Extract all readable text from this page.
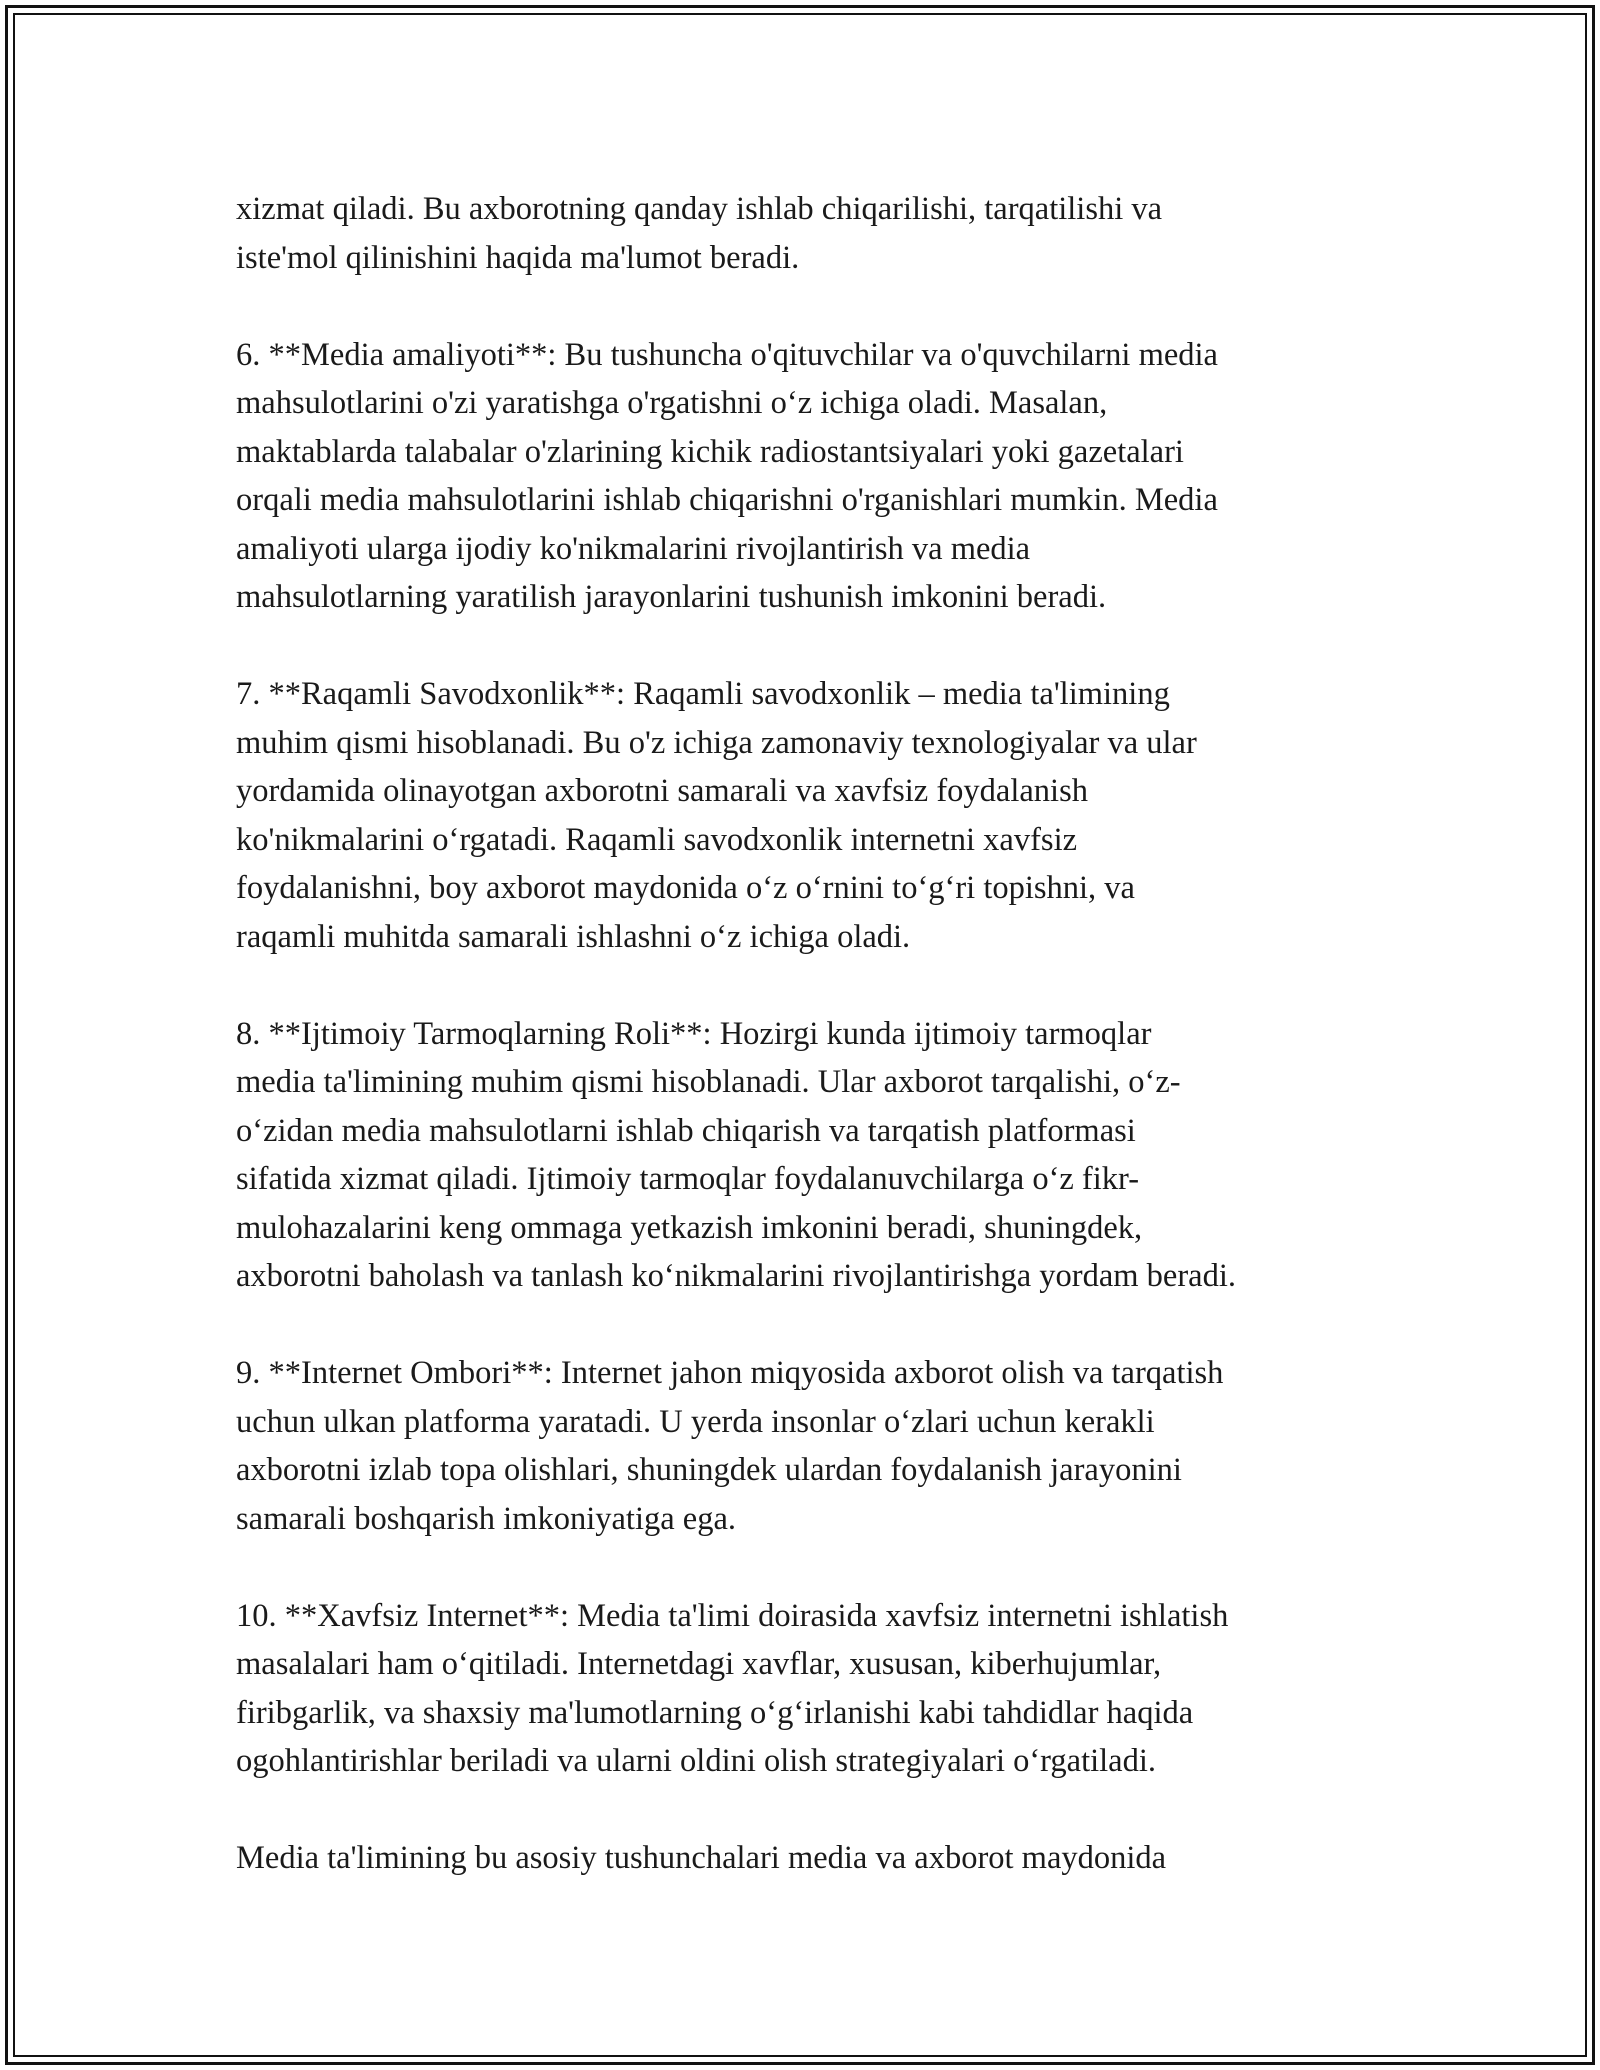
xizmat qiladi. Bu axborotning qanday ishlab chiqarilishi, tarqatilishi va
iste'mol qilinishini haqida ma'lumot beradi.
6. **Media amaliyoti**: Bu tushuncha o'qituvchilar va o'quvchilarni media
mahsulotlarini o'zi yaratishga o'rgatishni o‘z ichiga oladi. Masalan,
maktablarda talabalar o'zlarining kichik radiostantsiyalari yoki gazetalari
orqali media mahsulotlarini ishlab chiqarishni o'rganishlari mumkin. Media
amaliyoti ularga ijodiy ko'nikmalarini rivojlantirish va media
mahsulotlarning yaratilish jarayonlarini tushunish imkonini beradi.
7. **Raqamli Savodxonlik**: Raqamli savodxonlik – media ta'limining
muhim qismi hisoblanadi. Bu o'z ichiga zamonaviy texnologiyalar va ular
yordamida olinayotgan axborotni samarali va xavfsiz foydalanish
ko'nikmalarini o‘rgatadi. Raqamli savodxonlik internetni xavfsiz
foydalanishni, boy axborot maydonida o‘z o‘rnini to‘g‘ri topishni, va
raqamli muhitda samarali ishlashni o‘z ichiga oladi.
8. **Ijtimoiy Tarmoqlarning Roli**: Hozirgi kunda ijtimoiy tarmoqlar
media ta'limining muhim qismi hisoblanadi. Ular axborot tarqalishi, o‘z-
o‘zidan media mahsulotlarni ishlab chiqarish va tarqatish platformasi
sifatida xizmat qiladi. Ijtimoiy tarmoqlar foydalanuvchilarga o‘z fikr-
mulohazalarini keng ommaga yetkazish imkonini beradi, shuningdek,
axborotni baholash va tanlash ko‘nikmalarini rivojlantirishga yordam beradi.
9. **Internet Ombori**: Internet jahon miqyosida axborot olish va tarqatish
uchun ulkan platforma yaratadi. U yerda insonlar o‘zlari uchun kerakli
axborotni izlab topa olishlari, shuningdek ulardan foydalanish jarayonini
samarali boshqarish imkoniyatiga ega.
10. **Xavfsiz Internet**: Media ta'limi doirasida xavfsiz internetni ishlatish
masalalari ham o‘qitiladi. Internetdagi xavflar, xususan, kiberhujumlar,
firibgarlik, va shaxsiy ma'lumotlarning o‘g‘irlanishi kabi tahdidlar haqida
ogohlantirishlar beriladi va ularni oldini olish strategiyalari o‘rgatiladi.
Media ta'limining bu asosiy tushunchalari media va axborot maydonida
